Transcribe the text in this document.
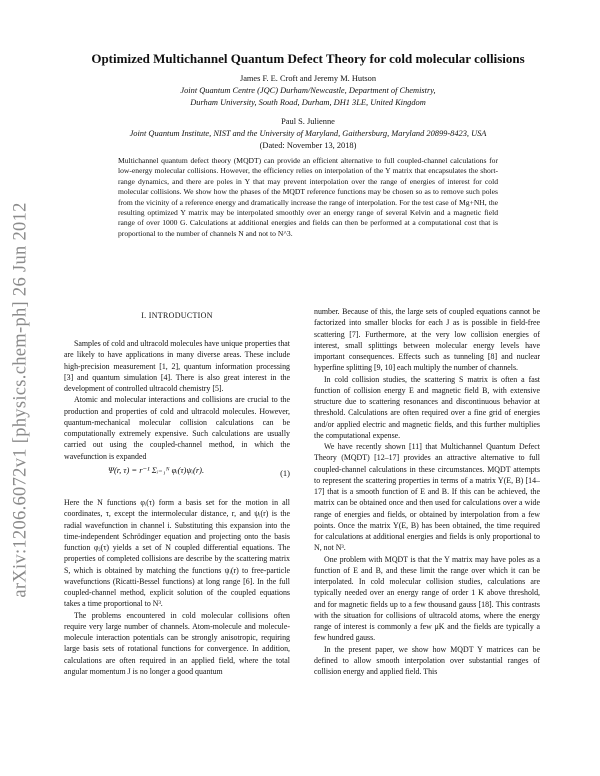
arXiv:1206.6072v1 [physics.chem-ph] 26 Jun 2012
Optimized Multichannel Quantum Defect Theory for cold molecular collisions
James F. E. Croft and Jeremy M. Hutson
Joint Quantum Centre (JQC) Durham/Newcastle, Department of Chemistry,
Durham University, South Road, Durham, DH1 3LE, United Kingdom
Paul S. Julienne
Joint Quantum Institute, NIST and the University of Maryland, Gaithersburg, Maryland 20899-8423, USA
(Dated: November 13, 2018)
Multichannel quantum defect theory (MQDT) can provide an efficient alternative to full coupled-channel calculations for low-energy molecular collisions. However, the efficiency relies on interpolation of the Y matrix that encapsulates the short-range dynamics, and there are poles in Y that may prevent interpolation over the range of energies of interest for cold molecular collisions. We show how the phases of the MQDT reference functions may be chosen so as to remove such poles from the vicinity of a reference energy and dramatically increase the range of interpolation. For the test case of Mg+NH, the resulting optimized Y matrix may be interpolated smoothly over an energy range of several Kelvin and a magnetic field range of over 1000 G. Calculations at additional energies and fields can then be performed at a computational cost that is proportional to the number of channels N and not to N^3.
I. INTRODUCTION

Samples of cold and ultracold molecules have unique properties that are likely to have applications in many diverse areas. These include high-precision measurement [1, 2], quantum information processing [3] and quantum simulation [4]. There is also great interest in the development of controlled ultracold chemistry [5].

Atomic and molecular interactions and collisions are crucial to the production and properties of cold and ultracold molecules. However, quantum-mechanical molecular collision calculations can be computationally extremely expensive. Such calculations are usually carried out using the coupled-channel method, in which the wavefunction is expanded

Ψ(r, τ) = r⁻¹ Σᵢ₌₁ᴺ φᵢ(τ)ψᵢ(r).	(1)

Here the N functions φᵢ(τ) form a basis set for the motion in all coordinates, τ, except the intermolecular distance, r, and ψᵢ(r) is the radial wavefunction in channel i. Substituting this expansion into the time-independent Schrödinger equation and projecting onto the basis function φⱼ(τ) yields a set of N coupled differential equations. The properties of completed collisions are describe by the scattering matrix S, which is obtained by matching the functions ψᵢ(r) to free-particle wavefunctions (Ricatti-Bessel functions) at long range [6]. In the full coupled-channel method, explicit solution of the coupled equations takes a time proportional to N³.

The problems encountered in cold molecular collisions often require very large number of channels. Atom-molecule and molecule-molecule interaction potentials can be strongly anisotropic, requiring large basis sets of rotational functions for convergence. In addition, calculations are often required in an applied field, where the total angular momentum J is no longer a good quantum

number. Because of this, the large sets of coupled equations cannot be factorized into smaller blocks for each J as is possible in field-free scattering [7]. Furthermore, at the very low collision energies of interest, small splittings between molecular energy levels have important consequences. Effects such as tunneling [8] and nuclear hyperfine splitting [9, 10] each multiply the number of channels.

In cold collision studies, the scattering S matrix is often a fast function of collision energy E and magnetic field B, with extensive structure due to scattering resonances and discontinuous behavior at threshold. Calculations are often required over a fine grid of energies and/or applied electric and magnetic fields, and this further multiplies the computational expense.

We have recently shown [11] that Multichannel Quantum Defect Theory (MQDT) [12–17] provides an attractive alternative to full coupled-channel calculations in these circumstances. MQDT attempts to represent the scattering properties in terms of a matrix Y(E, B) [14–17] that is a smooth function of E and B. If this can be achieved, the matrix can be obtained once and then used for calculations over a wide range of energies and fields, or obtained by interpolation from a few points. Once the matrix Y(E, B) has been obtained, the time required for calculations at additional energies and fields is only proportional to N, not N³.

One problem with MQDT is that the Y matrix may have poles as a function of E and B, and these limit the range over which it can be interpolated. In cold molecular collision studies, calculations are typically needed over an energy range of order 1 K above threshold, and for magnetic fields up to a few thousand gauss [18]. This contrasts with the situation for collisions of ultracold atoms, where the energy range of interest is commonly a few μK and the fields are typically a few hundred gauss.

In the present paper, we show how MQDT Y matrices can be defined to allow smooth interpolation over substantial ranges of collision energy and applied field. This
